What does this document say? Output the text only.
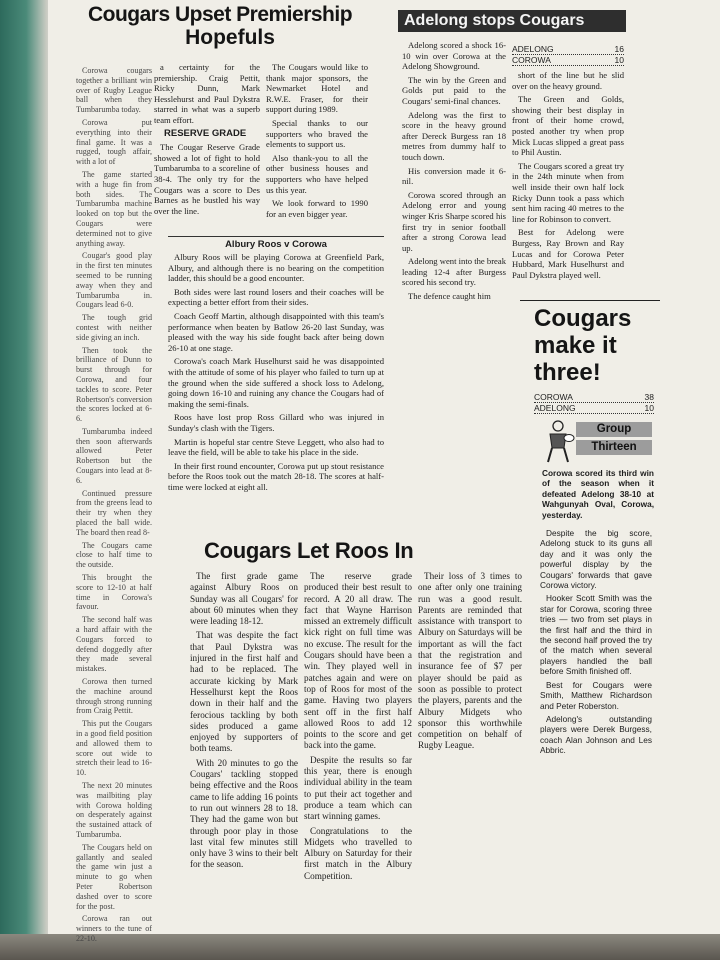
Cougars Upset Premiership
Hopefuls

Corowa cougars together a brilliant win over of Rugby League ball when they Tumbarumba today.

Corowa put everything into their final game. It was a rugged, tough affair, with a lot of

The game started with a huge fin from both sides. The Tumbarumba machine looked on top but the Cougars were determined not to give anything away.

Cougar's good play in the first ten minutes seemed to be running away when they and Tumbarumba in. Cougars lead 6-0.

The tough grid contest with neither side giving an inch.

Then took the brilliance of Dunn to burst through for Corowa, and four tackles to score. Peter Robertson's conversion the scores locked at 6-6.

Tumbarumba indeed then soon afterwards allowed Peter Robertson but the Cougars into lead at 8-6.

Continued pressure from the greens lead to their try when they placed the ball wide. The board then read 8-

The Cougars came close to half time to the outside.

This brought the score to 12-10 at half time in Corowa's favour.

The second half was a hard affair with the Cougars forced to defend doggedly after they made several mistakes.

Corowa then turned the machine around through strong running from Craig Pettit.

This put the Cougars in a good field position and allowed them to score out wide to stretch their lead to 16-10.

The next 20 minutes was mailbiting play with Corowa holding on desperately against the sustained attack of Tumbarumba.

The Cougars held on gallantly and sealed the game win just a minute to go when Peter Robertson dashed over to score for the post.

Corowa ran out winners to the tune of 22-10.

a certainty for the premiership. Craig Pettit, Ricky Dunn, Mark Hesslehurst and Paul Dykstra starred in what was a superb team effort.

RESERVE GRADE

The Cougar Reserve Grade showed a lot of fight to hold Tumbarumba to a scoreline of 38-4. The only try for the Cougars was a score to Des Barnes as he bustled his way over the line.

The Cougars would like to thank major sponsors, the Newmarket Hotel and R.W.E. Fraser, for their support during 1989.

Special thanks to our supporters who braved the elements to support us.

Also thank-you to all the other business houses and supporters who have helped us this year.

We look forward to 1990 for an even bigger year.

Albury Roos v Corowa

Albury Roos will be playing Corowa at Greenfield Park, Albury, and although there is no bearing on the competition ladder, this should be a good encounter.

Both sides were last round losers and their coaches will be expecting a better effort from their sides.

Coach Geoff Martin, although disappointed with this team's performance when beaten by Batlow 26-20 last Sunday, was pleased with the way his side fought back after being down 26-10 at one stage.

Corowa's coach Mark Huselhurst said he was disappointed with the attitude of some of his player who failed to turn up at the ground when the side suffered a shock loss to Adelong, going down 16-10 and ruining any chance the Cougars had of making the semi-finals.

Roos have lost prop Ross Gillard who was injured in Sunday's clash with the Tigers.

Martin is hopeful star centre Steve Leggett, who also had to leave the field, will be able to take his place in the side.

In their first round encounter, Corowa put up stout resistance before the Roos took out the match 28-18. The scores at half-time were locked at eight all.

Adelong stops Cougars

Adelong scored a shock 16-10 win over Corowa at the Adelong Showground.

The win by the Green and Golds put paid to the Cougars' semi-final chances.

Adelong was the first to score in the heavy ground after Dereck Burgess ran 18 metres from dummy half to touch down.

His conversion made it 6-nil.

Corowa scored through an Adelong error and young winger Kris Sharpe scored his first try in senior football after a strong Corowa lead up.

Adelong went into the break leading 12-4 after Burgess scored his second try.

The defence caught him

ADELONG	16
COROWA	10

short of the line but he slid over on the heavy ground.

The Green and Golds, showing their best display in front of their home crowd, posted another try when prop Mick Lucas slipped a great pass to Phil Austin.

The Cougars scored a great try in the 24th minute when from well inside their own half lock Ricky Dunn took a pass which sent him racing 40 metres to the line for Robinson to convert.

Best for Adelong were Burgess, Ray Brown and Ray Lucas and for Corowa Peter Hubbard, Mark Huselhurst and Paul Dykstra played well.

Cougars
make it
three!
COROWA	38
ADELONG	10
Group
Thirteen
Corowa scored its third win of the season when it defeated Adelong 38-10 at Wahgunyah Oval, Corowa, yesterday.

Despite the big score, Adelong stuck to its guns all day and it was only the powerful display by the Cougars' forwards that gave Corowa victory.

Hooker Scott Smith was the star for Corowa, scoring three tries — two from set plays in the first half and the third in the second half proved the try of the match when several players handled the ball before Smith finished off.

Best for Cougars were Smith, Matthew Richardson and Peter Roberston.

Adelong's outstanding players were Derek Burgess, coach Alan Johnson and Les Abbric.

Cougars Let Roos In

The first grade game against Albury Roos on Sunday was all Cougars' for about 60 minutes when they were leading 18-12.

That was despite the fact that Paul Dykstra was injured in the first half and had to be replaced. The accurate kicking by Mark Hesselhurst kept the Roos down in their half and the ferocious tackling by both sides produced a game enjoyed by supporters of both teams.

With 20 minutes to go the Cougars' tackling stopped being effective and the Roos came to life adding 16 points to run out winners 28 to 18. They had the game won but through poor play in those last vital few minutes still only have 3 wins to their belt for the season.

The reserve grade produced their best result to record. A 20 all draw. The fact that Wayne Harrison missed an extremely difficult kick right on full time was no excuse. The result for the Cougars should have been a win. They played well in patches again and were on top of Roos for most of the game. Having two players sent off in the first half allowed Roos to add 12 points to the score and get back into the game.

Despite the results so far this year, there is enough individual ability in the team to put their act together and produce a team which can start winning games.

Congratulations to the Midgets who travelled to Albury on Saturday for their first match in the Albury Competition.

Their loss of 3 times to one after only one training run was a good result. Parents are reminded that assistance with transport to Albury on Saturdays will be important as will the fact that the registration and insurance fee of $7 per player should be paid as soon as possible to protect the players, parents and the Albury Midgets who sponsor this worthwhile competition on behalf of Rugby League.
